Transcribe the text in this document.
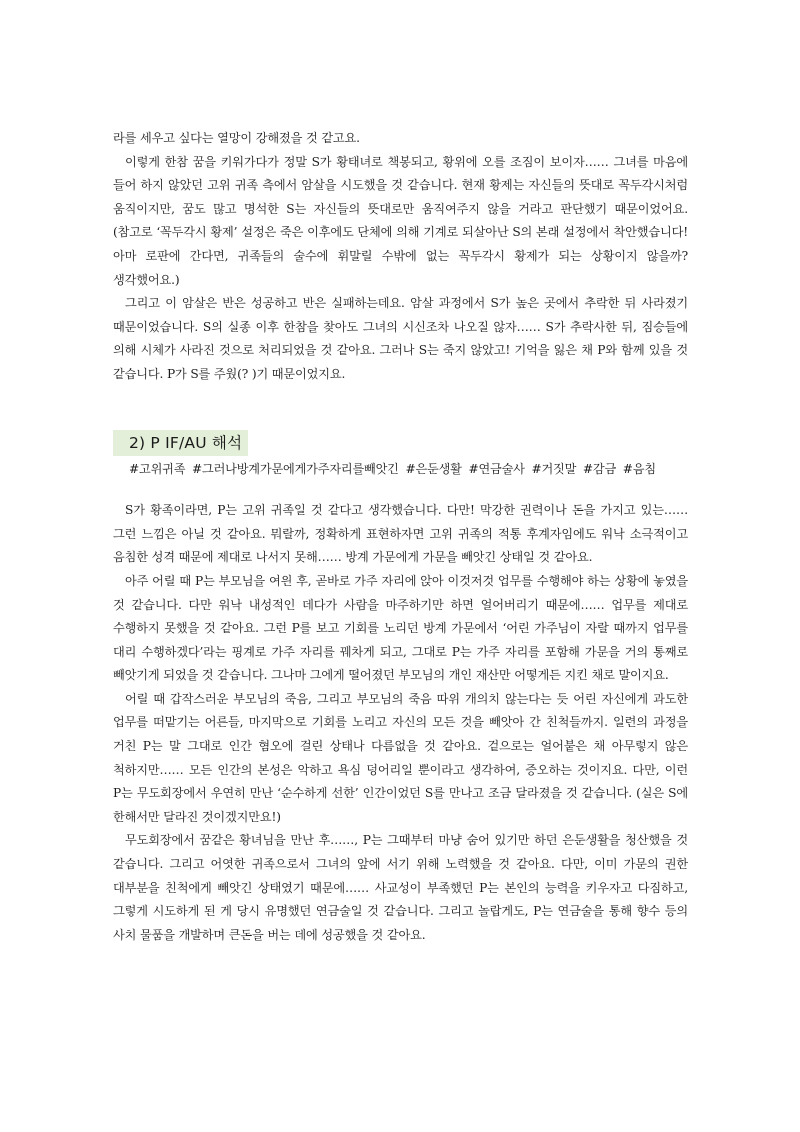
라를 세우고 싶다는 열망이 강해졌을 것 같고요.

이렇게 한참 꿈을 키워가다가 정말 S가 황태녀로 책봉되고, 황위에 오를 조짐이 보이자…… 그녀를 마음에 들어 하지 않았던 고위 귀족 측에서 암살을 시도했을 것 같습니다. 현재 황제는 자신들의 뜻대로 꼭두각시처럼 움직이지만, 꿈도 많고 명석한 S는 자신들의 뜻대로만 움직여주지 않을 거라고 판단했기 때문이었어요. (참고로 ‘꼭두각시 황제’ 설정은 죽은 이후에도 단체에 의해 기계로 되살아난 S의 본래 설정에서 착안했습니다! 아마 로판에 간다면, 귀족들의 술수에 휘말릴 수밖에 없는 꼭두각시 황제가 되는 상황이지 않을까? 생각했어요.)

그리고 이 암살은 반은 성공하고 반은 실패하는데요. 암살 과정에서 S가 높은 곳에서 추락한 뒤 사라졌기 때문이었습니다. S의 실종 이후 한참을 찾아도 그녀의 시신조차 나오질 않자…… S가 추락사한 뒤, 짐승들에 의해 시체가 사라진 것으로 처리되었을 것 같아요. 그러나 S는 죽지 않았고! 기억을 잃은 채 P와 함께 있을 것 같습니다. P가 S를 주웠(? )기 때문이었지요.

2) P IF/AU 해석
#고위귀족 #그러나방계가문에게가주자리를빼앗긴 #은둔생활 #연금술사 #거짓말 #감금 #음침

S가 황족이라면, P는 고위 귀족일 것 같다고 생각했습니다. 다만! 막강한 권력이나 돈을 가지고 있는…… 그런 느낌은 아닐 것 같아요. 뭐랄까, 정확하게 표현하자면 고위 귀족의 적통 후계자임에도 워낙 소극적이고 음침한 성격 때문에 제대로 나서지 못해…… 방계 가문에게 가문을 빼앗긴 상태일 것 같아요.

아주 어릴 때 P는 부모님을 여읜 후, 곧바로 가주 자리에 앉아 이것저것 업무를 수행해야 하는 상황에 놓였을 것 같습니다. 다만 워낙 내성적인 데다가 사람을 마주하기만 하면 얼어버리기 때문에…… 업무를 제대로 수행하지 못했을 것 같아요. 그런 P를 보고 기회를 노리던 방계 가문에서 ‘어린 가주님이 자랄 때까지 업무를 대리 수행하겠다’라는 핑계로 가주 자리를 꿰차게 되고, 그대로 P는 가주 자리를 포함해 가문을 거의 통째로 빼앗기게 되었을 것 같습니다. 그나마 그에게 떨어졌던 부모님의 개인 재산만 어떻게든 지킨 채로 말이지요.

어릴 때 갑작스러운 부모님의 죽음, 그리고 부모님의 죽음 따위 개의치 않는다는 듯 어린 자신에게 과도한 업무를 떠맡기는 어른들, 마지막으로 기회를 노리고 자신의 모든 것을 빼앗아 간 친척들까지. 일련의 과정을 거친 P는 말 그대로 인간 혐오에 걸린 상태나 다름없을 것 같아요. 겉으로는 얼어붙은 채 아무렇지 않은 척하지만…… 모든 인간의 본성은 악하고 욕심 덩어리일 뿐이라고 생각하여, 증오하는 것이지요. 다만, 이런 P는 무도회장에서 우연히 만난 ‘순수하게 선한’ 인간이었던 S를 만나고 조금 달라졌을 것 같습니다. (실은 S에 한해서만 달라진 것이겠지만요!)

무도회장에서 꿈같은 황녀님을 만난 후……, P는 그때부터 마냥 숨어 있기만 하던 은둔생활을 청산했을 것 같습니다. 그리고 어엿한 귀족으로서 그녀의 앞에 서기 위해 노력했을 것 같아요. 다만, 이미 가문의 권한 대부분을 친척에게 빼앗긴 상태였기 때문에…… 사교성이 부족했던 P는 본인의 능력을 키우자고 다짐하고, 그렇게 시도하게 된 게 당시 유명했던 연금술일 것 같습니다. 그리고 놀랍게도, P는 연금술을 통해 향수 등의 사치 물품을 개발하며 큰돈을 버는 데에 성공했을 것 같아요.
